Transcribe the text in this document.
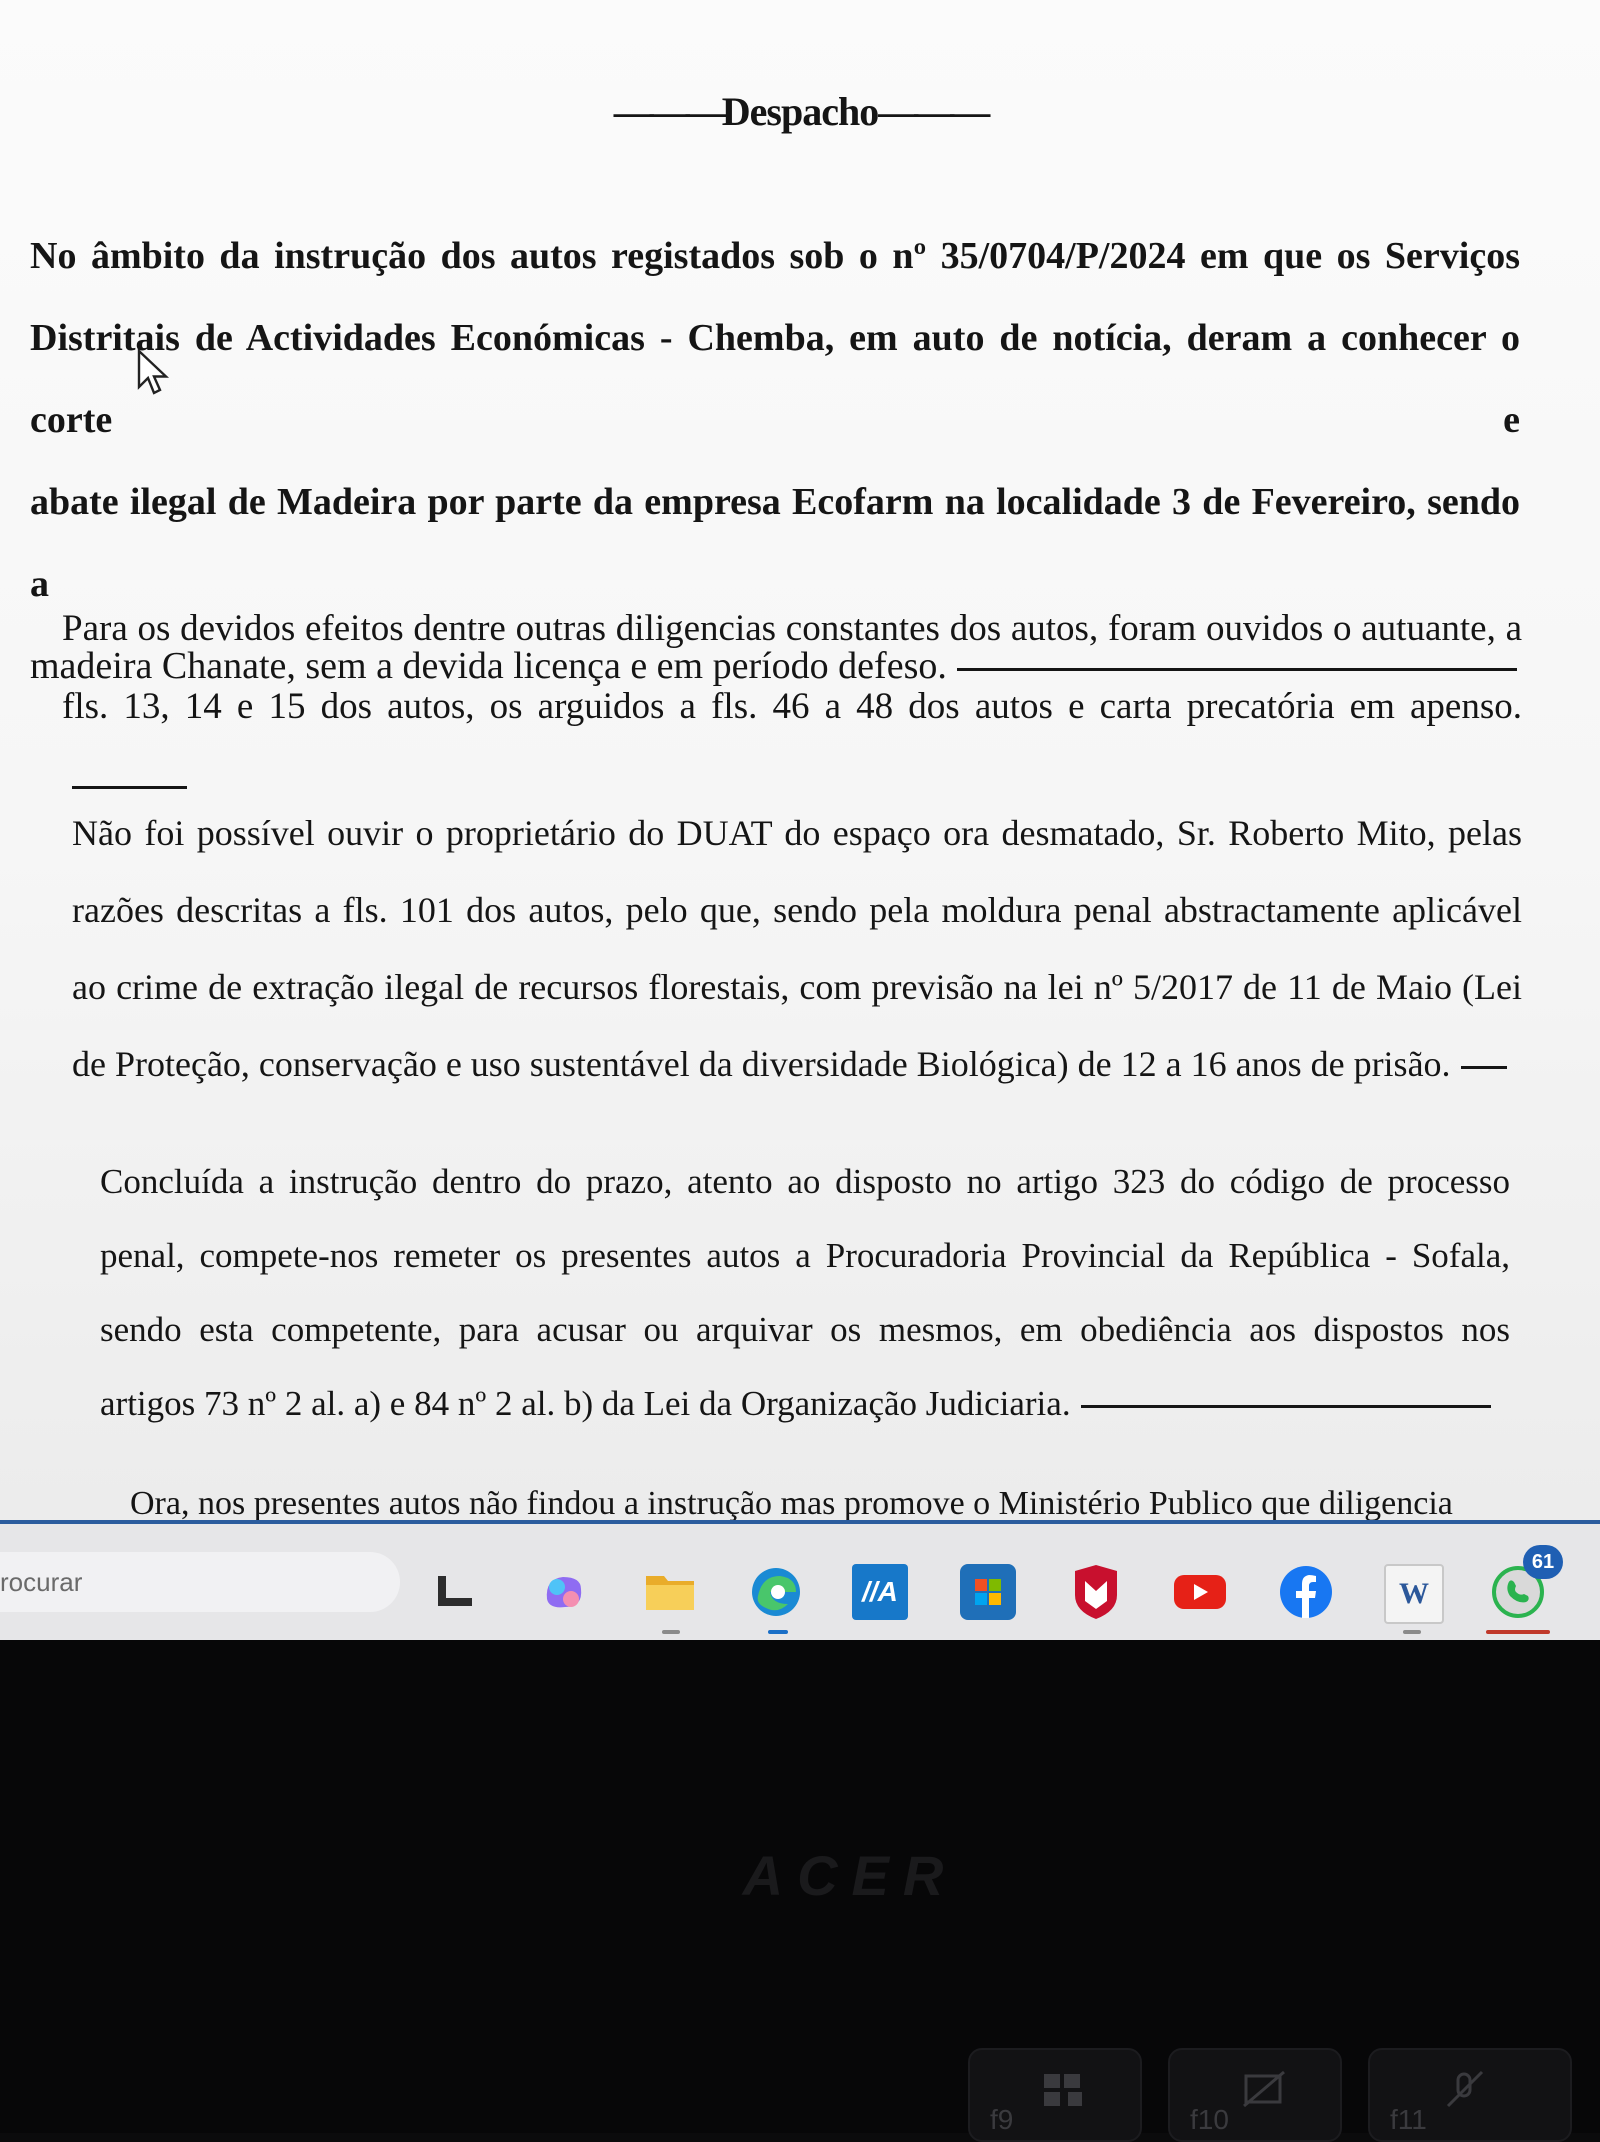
———Despacho———

No âmbito da instrução dos autos registados sob o nº 35/0704/P/2024 em que os Serviços

Distritais de Actividades Económicas - Chemba, em auto de notícia, deram a conhecer o corte e

abate ilegal de Madeira por parte da empresa Ecofarm na localidade 3 de Fevereiro, sendo a

madeira Chanate, sem a devida licença e em período defeso.

Para os devidos efeitos dentre outras diligencias constantes dos autos, foram ouvidos o autuante, a

fls. 13, 14 e 15 dos autos, os arguidos a fls. 46 a 48 dos autos e carta precatória em apenso.

Não foi possível ouvir o proprietário do DUAT do espaço ora desmatado, Sr. Roberto Mito, pelas

razões descritas a fls. 101 dos autos, pelo que, sendo pela moldura penal abstractamente aplicável

ao crime de extração ilegal de recursos florestais, com previsão na lei nº 5/2017 de 11 de Maio (Lei

de Proteção, conservação e uso sustentável da diversidade Biológica) de 12 a 16 anos de prisão.

Concluída a instrução dentro do prazo, atento ao disposto no artigo 323 do código de processo

penal, compete-nos remeter os presentes autos a Procuradoria Provincial da República - Sofala,

sendo esta competente, para acusar ou arquivar os mesmos, em obediência aos dispostos nos

artigos 73 nº 2 al. a) e 84 nº 2 al. b) da Lei da Organização Judiciaria.

Ora, nos presentes autos não findou a instrução mas promove o Ministério Publico que diligencia
rocurar	//A	W
61
ACER
f9	f10	f11
